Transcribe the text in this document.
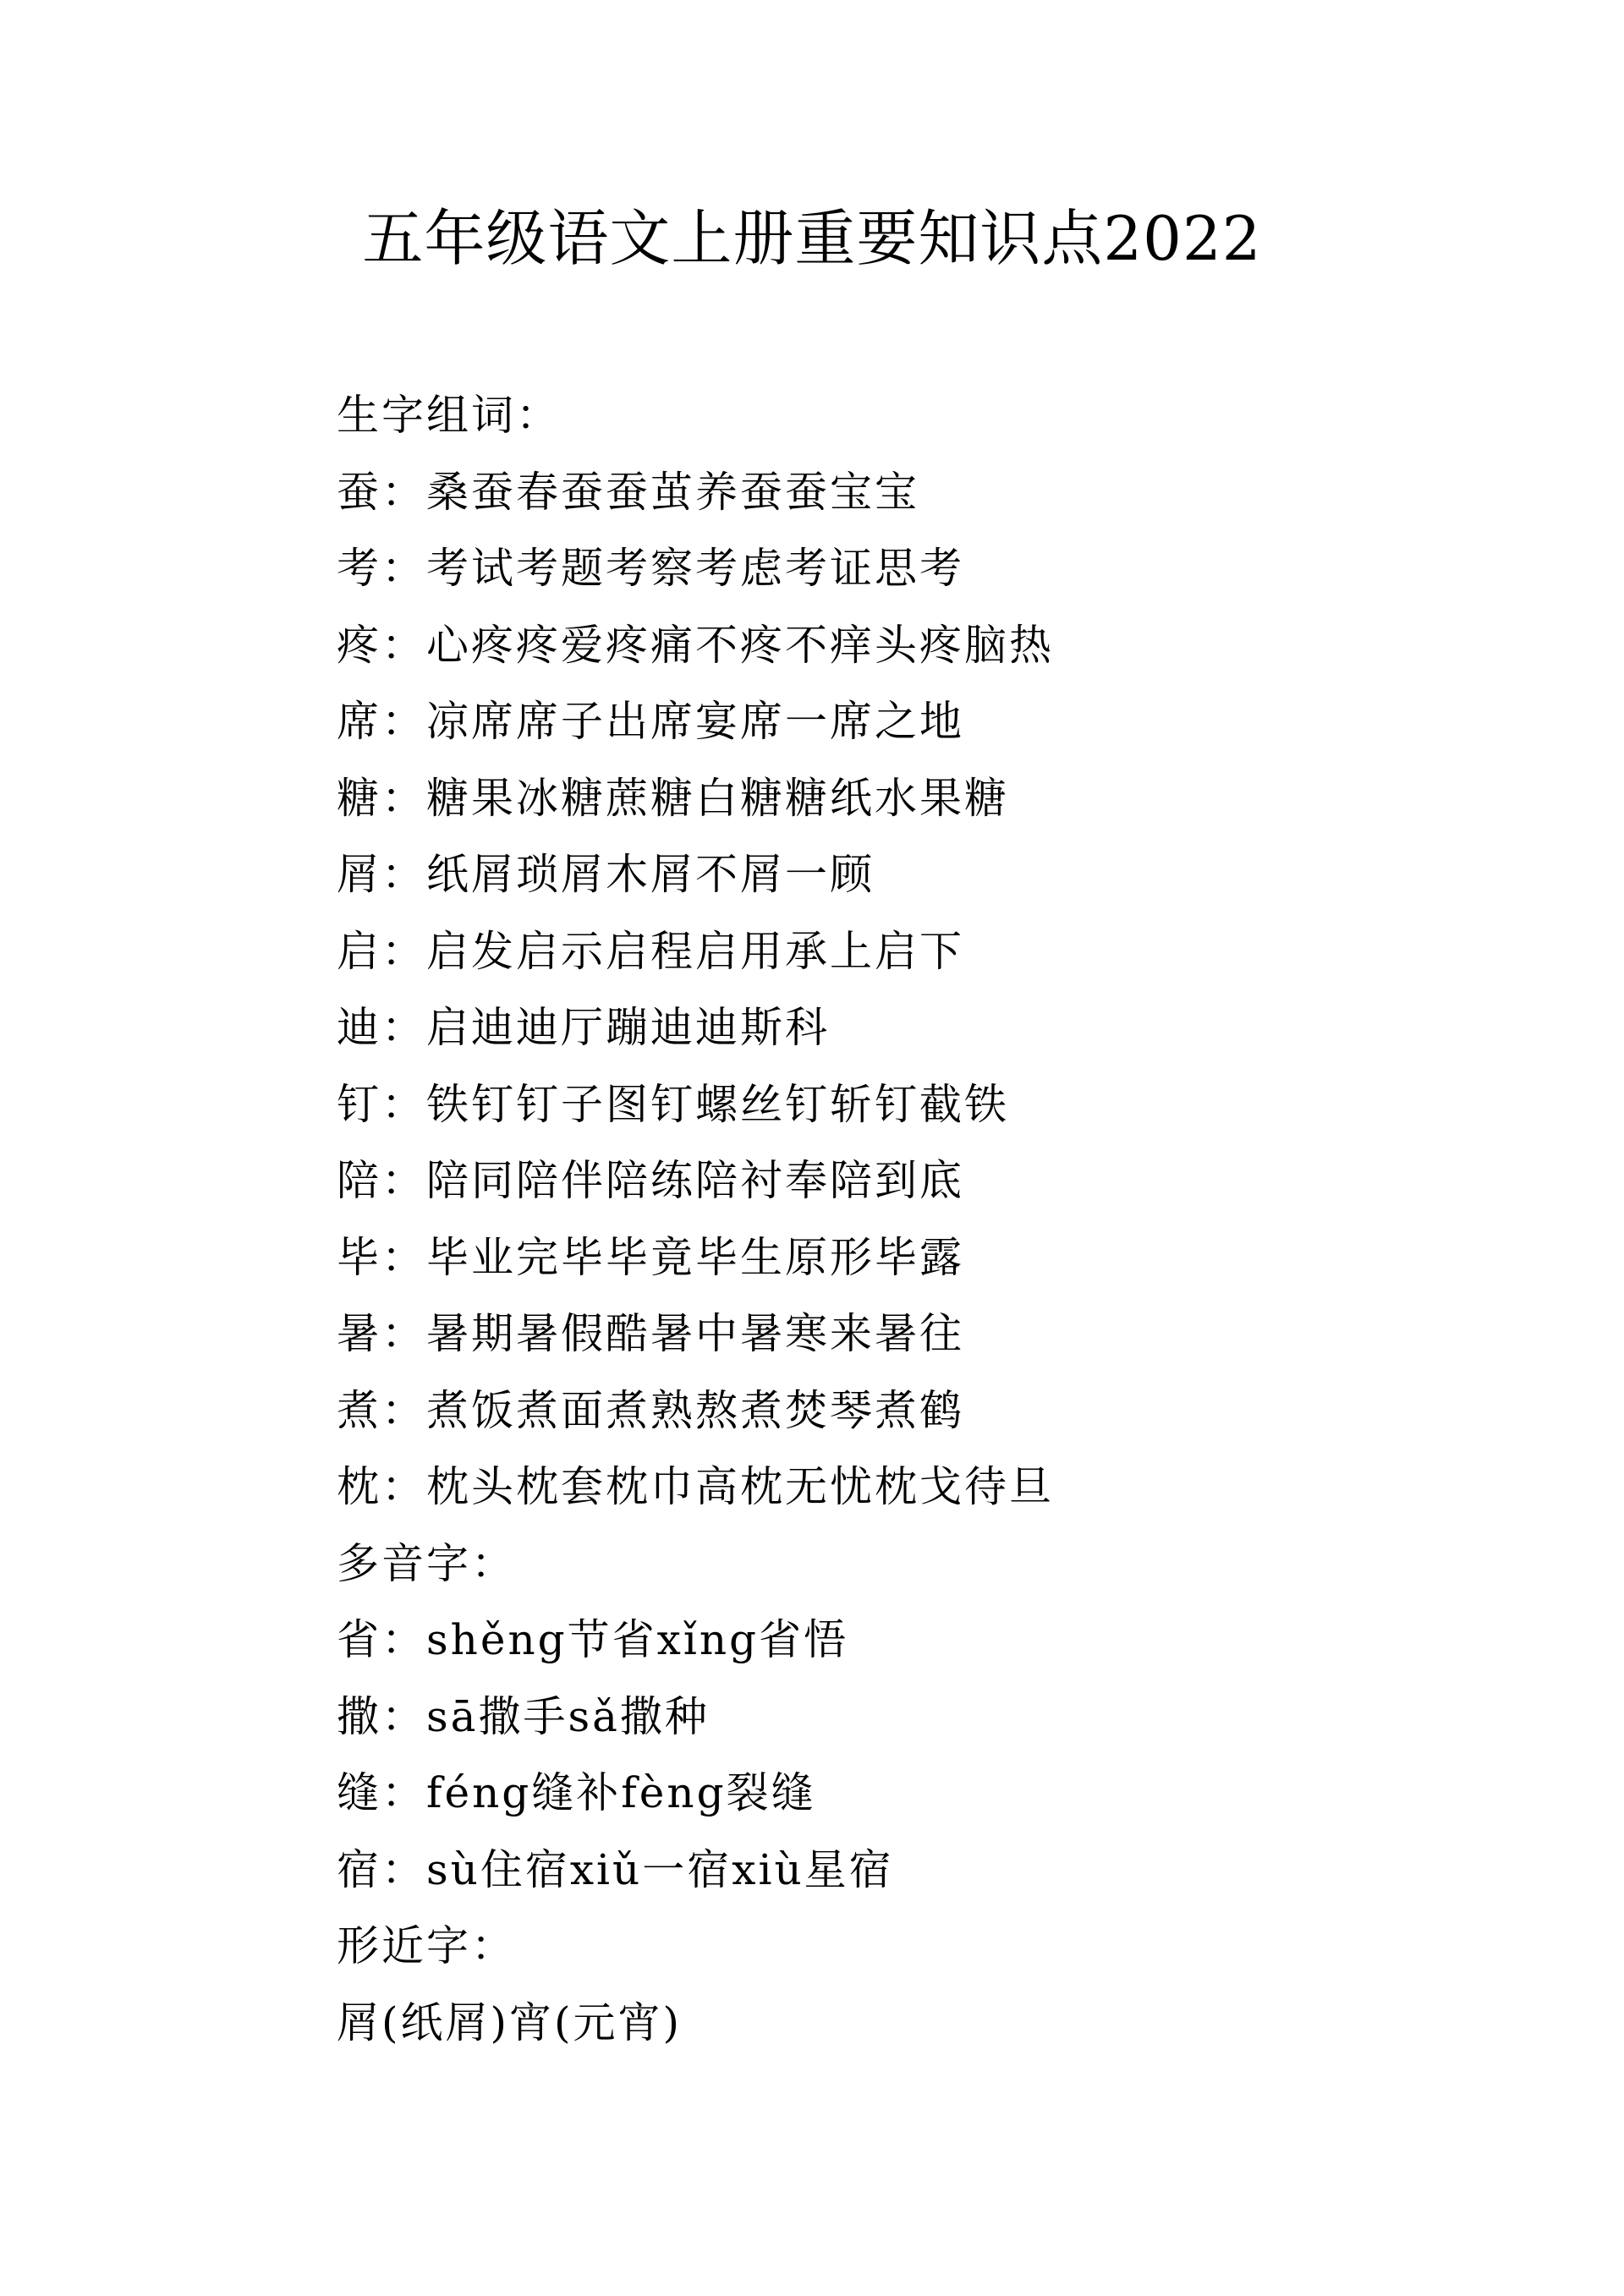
五年级语文上册重要知识点2022
生字组词：
蚕：桑蚕春蚕蚕茧养蚕蚕宝宝
考：考试考题考察考虑考证思考
疼：心疼疼爱疼痛不疼不痒头疼脑热
席：凉席席子出席宴席一席之地
糖：糖果冰糖蔗糖白糖糖纸水果糖
屑：纸屑琐屑木屑不屑一顾
启：启发启示启程启用承上启下
迪：启迪迪厅蹦迪迪斯科
钉：铁钉钉子图钉螺丝钉斩钉截铁
陪：陪同陪伴陪练陪衬奉陪到底
毕：毕业完毕毕竟毕生原形毕露
暑：暑期暑假酷暑中暑寒来暑往
煮：煮饭煮面煮熟熬煮焚琴煮鹤
枕：枕头枕套枕巾高枕无忧枕戈待旦
多音字：
省：shěng节省xǐng省悟
撒：sā撒手sǎ撒种
缝：féng缝补fèng裂缝
宿：sù住宿xiǔ一宿xiù星宿
形近字：
屑(纸屑)宵(元宵)
